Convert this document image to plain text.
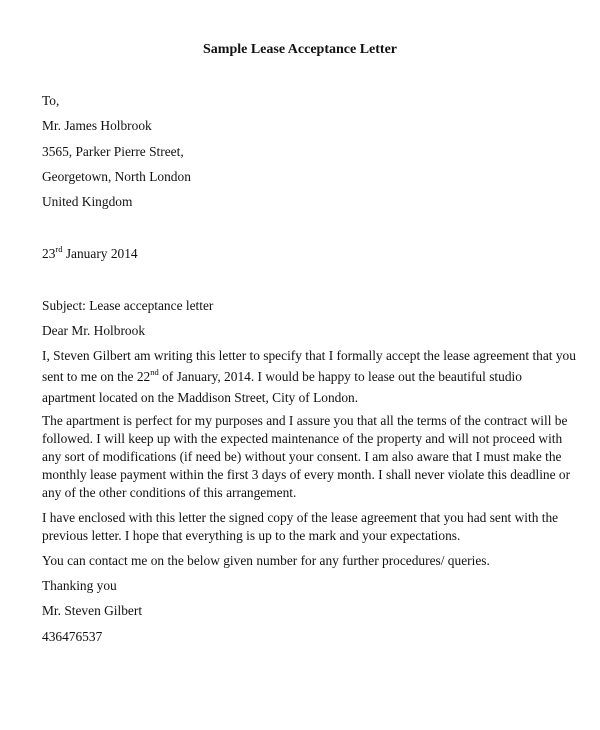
Sample Lease Acceptance Letter
To,
Mr. James Holbrook
3565, Parker Pierre Street,
Georgetown, North London
United Kingdom
23rd January 2014
Subject: Lease acceptance letter
Dear Mr. Holbrook
I, Steven Gilbert am writing this letter to specify that I formally accept the lease agreement that you
sent to me on the 22nd of January, 2014. I would be happy to lease out the beautiful studio
apartment located on the Maddison Street, City of London.
The apartment is perfect for my purposes and I assure you that all the terms of the contract will be
followed. I will keep up with the expected maintenance of the property and will not proceed with
any sort of modifications (if need be) without your consent. I am also aware that I must make the
monthly lease payment within the first 3 days of every month. I shall never violate this deadline or
any of the other conditions of this arrangement.
I have enclosed with this letter the signed copy of the lease agreement that you had sent with the
previous letter. I hope that everything is up to the mark and your expectations.
You can contact me on the below given number for any further procedures/ queries.
Thanking you
Mr. Steven Gilbert
436476537
